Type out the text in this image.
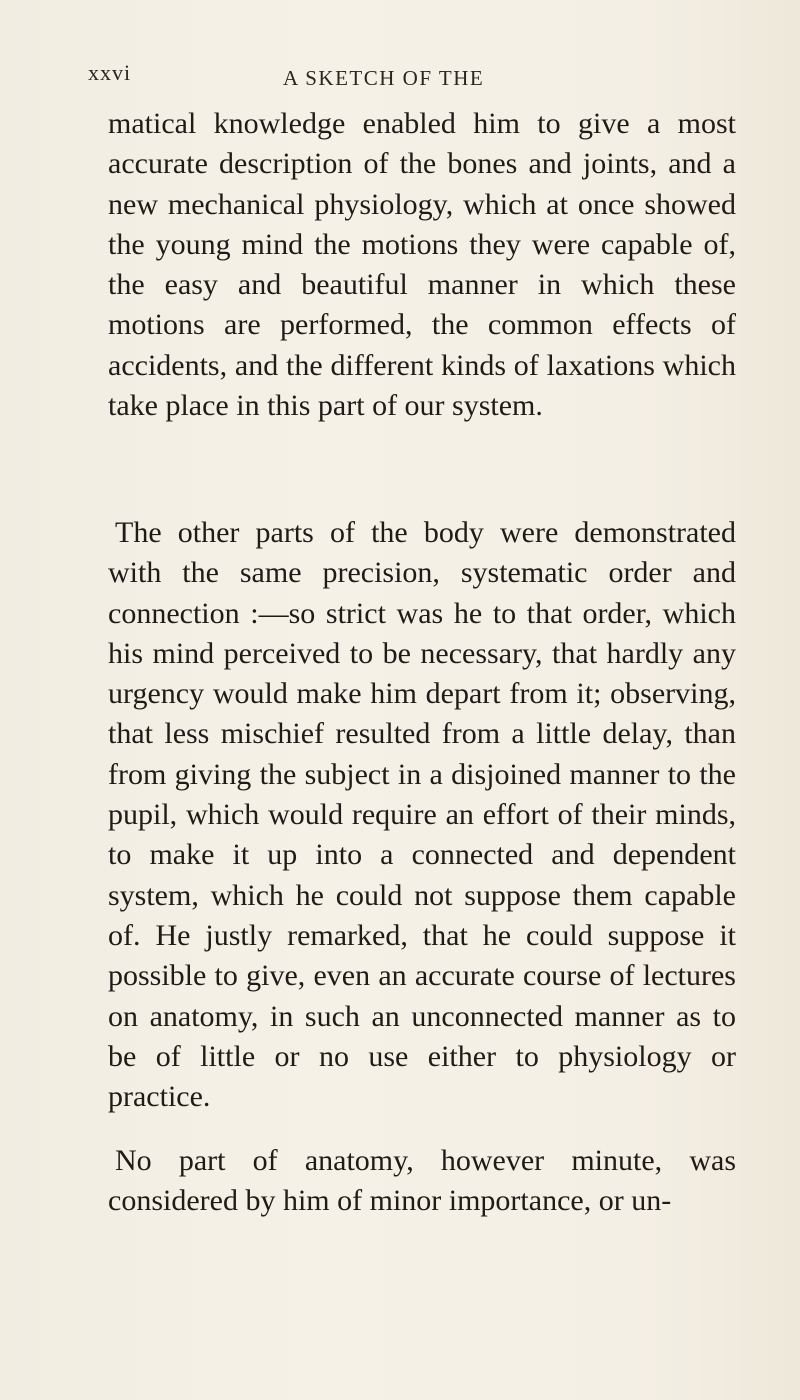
xxvi	A SKETCH OF THE

matical knowledge enabled him to give a most accurate description of the bones and joints, and a new mechanical physiology, which at once showed the young mind the motions they were capable of, the easy and beautiful manner in which these motions are performed, the common effects of accidents, and the different kinds of laxations which take place in this part of our system.

The other parts of the body were demonstrated with the same precision, systematic order and connection :—so strict was he to that order, which his mind perceived to be necessary, that hardly any urgency would make him depart from it; observing, that less mischief resulted from a little delay, than from giving the subject in a disjoined manner to the pupil, which would require an effort of their minds, to make it up into a connected and dependent system, which he could not suppose them capable of. He justly remarked, that he could suppose it possible to give, even an accurate course of lectures on anatomy, in such an unconnected manner as to be of little or no use either to physiology or practice.

No part of anatomy, however minute, was considered by him of minor importance, or un-
